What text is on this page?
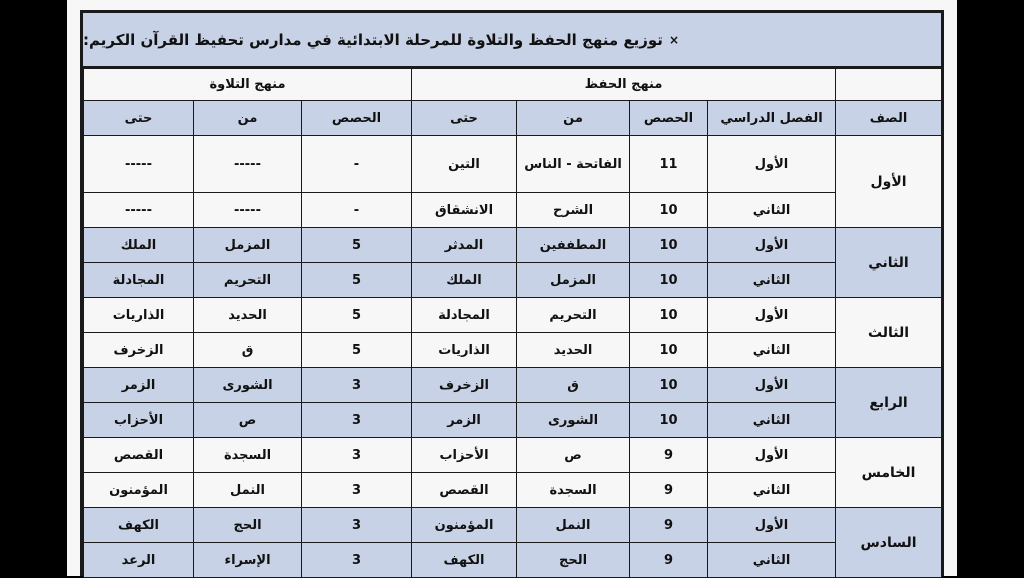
×
توزيع منهج الحفظ والتلاوة للمرحلة الابتدائية في مدارس تحفيظ القرآن الكريم:
	منهج الحفظ				منهج التلاوة		
الصف	الفصل الدراسي	الحصص	من	حتى	الحصص	من	حتى
الأول	الأول	11	الفاتحة - الناس	التين	-	-----	-----
	الثاني	10	الشرح	الانشقاق	-	-----	-----
الثاني	الأول	10	المطففين	المدثر	5	المزمل	الملك
	الثاني	10	المزمل	الملك	5	التحريم	المجادلة
الثالث	الأول	10	التحريم	المجادلة	5	الحديد	الذاريات
	الثاني	10	الحديد	الذاريات	5	ق	الزخرف
الرابع	الأول	10	ق	الزخرف	3	الشورى	الزمر
	الثاني	10	الشورى	الزمر	3	ص	الأحزاب
الخامس	الأول	9	ص	الأحزاب	3	السجدة	القصص
	الثاني	9	السجدة	القصص	3	النمل	المؤمنون
السادس	الأول	9	النمل	المؤمنون	3	الحج	الكهف
	الثاني	9	الحج	الكهف	3	الإسراء	الرعد
